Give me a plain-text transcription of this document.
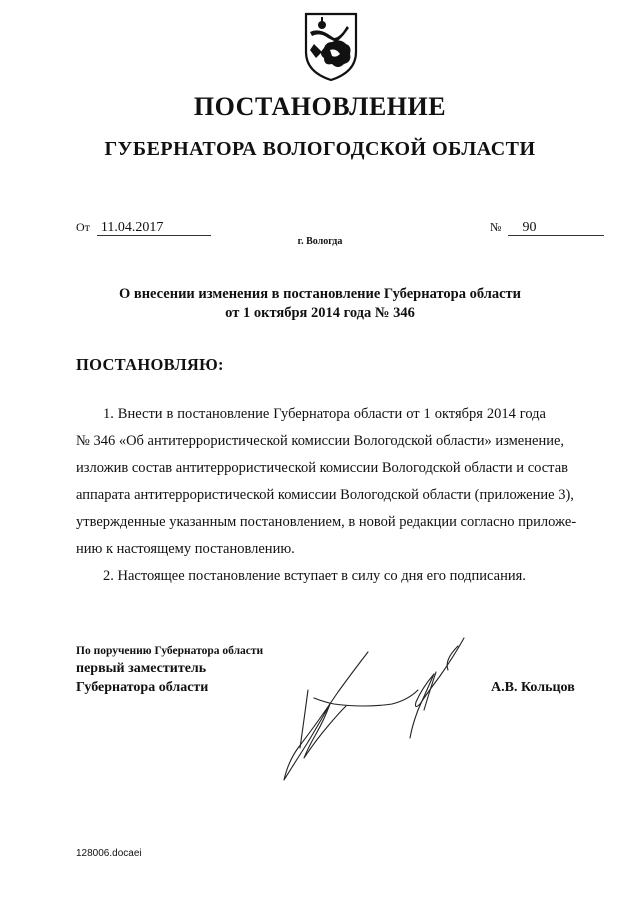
ПОСТАНОВЛЕНИЕ
ГУБЕРНАТОРА ВОЛОГОДСКОЙ ОБЛАСТИ
От 11.04.2017	№ 90
г. Вологда
О внесении изменения в постановление Губернатора области
от 1 октября 2014 года № 346
ПОСТАНОВЛЯЮ:
1. Внести в постановление Губернатора области от 1 октября 2014 года
№ 346 «Об антитеррористической комиссии Вологодской области» изменение,
изложив состав антитеррористической комиссии Вологодской области и состав
аппарата антитеррористической комиссии Вологодской области (приложение 3),
утвержденные указанным постановлением, в новой редакции согласно приложе-
нию к настоящему постановлению.
2. Настоящее постановление вступает в силу со дня его подписания.
По поручению Губернатора области
первый заместитель
Губернатора области	А.В. Кольцов
128006.docaei
